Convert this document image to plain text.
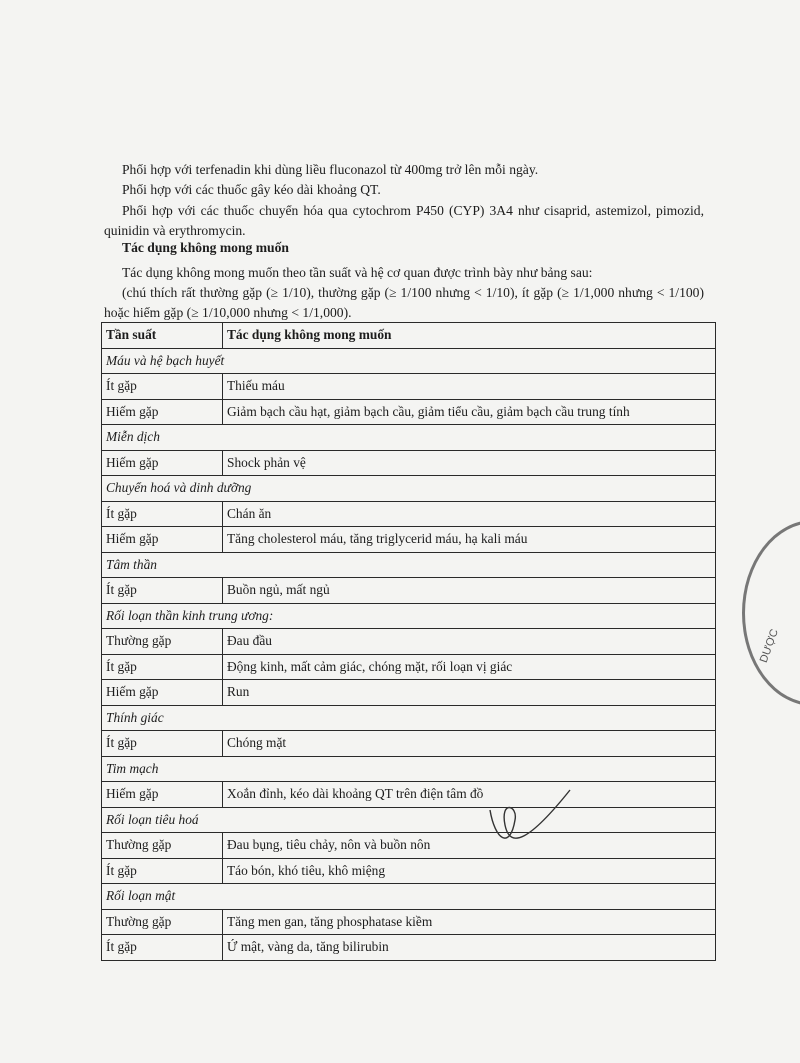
Phối hợp với terfenadin khi dùng liều fluconazol từ 400mg trở lên mỗi ngày.

Phối hợp với các thuốc gây kéo dài khoảng QT.

Phối hợp với các thuốc chuyển hóa qua cytochrom P450 (CYP) 3A4 như cisaprid, astemizol, pimozid, quinidin và erythromycin.

Tác dụng không mong muốn

Tác dụng không mong muốn theo tần suất và hệ cơ quan được trình bày như bảng sau:

(chú thích rất thường gặp (≥ 1/10), thường gặp (≥ 1/100 nhưng < 1/10), ít gặp (≥ 1/1,000 nhưng < 1/100) hoặc hiếm gặp (≥ 1/10,000 nhưng < 1/1,000).

Tần suất	Tác dụng không mong muốn
Máu và hệ bạch huyết	
Ít gặp	Thiếu máu
Hiếm gặp	Giảm bạch cầu hạt, giảm bạch cầu, giảm tiểu cầu, giảm bạch cầu trung tính
Miễn dịch	
Hiếm gặp	Shock phản vệ
Chuyển hoá và dinh dưỡng	
Ít gặp	Chán ăn
Hiếm gặp	Tăng cholesterol máu, tăng triglycerid máu, hạ kali máu
Tâm thần	
Ít gặp	Buồn ngủ, mất ngủ
Rối loạn thần kinh trung ương:	
Thường gặp	Đau đầu
Ít gặp	Động kinh, mất cảm giác, chóng mặt, rối loạn vị giác
Hiếm gặp	Run
Thính giác	
Ít gặp	Chóng mặt
Tim mạch	
Hiếm gặp	Xoắn đỉnh, kéo dài khoảng QT trên điện tâm đồ
Rối loạn tiêu hoá	
Thường gặp	Đau bụng, tiêu chảy, nôn và buồn nôn
Ít gặp	Táo bón, khó tiêu, khô miệng
Rối loạn mật	
Thường gặp	Tăng men gan, tăng phosphatase kiềm
Ít gặp	Ứ mật, vàng da, tăng bilirubin
DƯỢC
